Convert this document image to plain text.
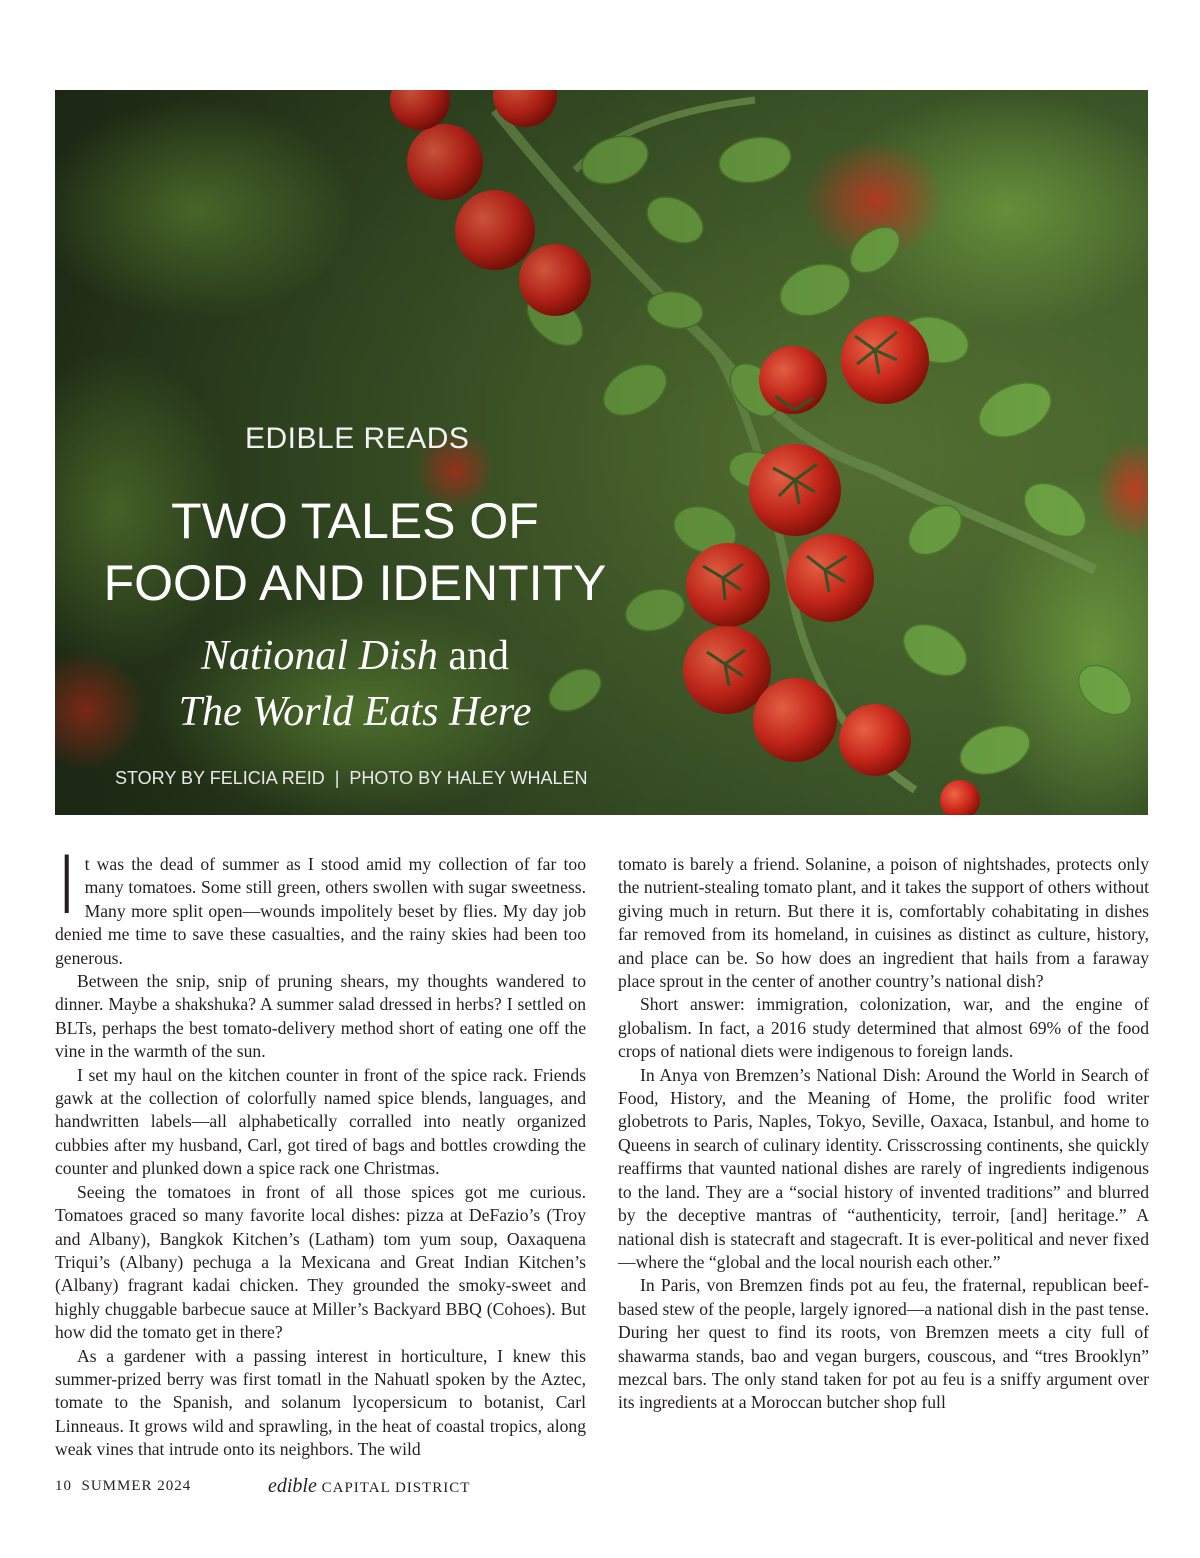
EDIBLE READS
TWO TALES OF
FOOD AND IDENTITY
National Dish and
The World Eats Here
STORY BY FELICIA REID  |  PHOTO BY HALEY WHALEN

It was the dead of summer as I stood amid my collection of far too many tomatoes. Some still green, others swollen with sugar sweetness. Many more split open—wounds impolitely beset by flies. My day job denied me time to save these casualties, and the rainy skies had been too generous.

Between the snip, snip of pruning shears, my thoughts wandered to dinner. Maybe a shakshuka? A summer salad dressed in herbs? I settled on BLTs, perhaps the best tomato-delivery method short of eating one off the vine in the warmth of the sun.

I set my haul on the kitchen counter in front of the spice rack. Friends gawk at the collection of colorfully named spice blends, languages, and handwritten labels—all alphabetically corralled into neatly organized cubbies after my husband, Carl, got tired of bags and bottles crowding the counter and plunked down a spice rack one Christmas.

Seeing the tomatoes in front of all those spices got me curious. Tomatoes graced so many favorite local dishes: pizza at DeFazio’s (Troy and Albany), Bangkok Kitchen’s (Latham) tom yum soup, Oaxaquena Triqui’s (Albany) pechuga a la Mexicana and Great Indian Kitchen’s (Albany) fragrant kadai chicken. They grounded the smoky-sweet and highly chuggable barbecue sauce at Miller’s Backyard BBQ (Cohoes). But how did the tomato get in there?

As a gardener with a passing interest in horticulture, I knew this summer-prized berry was first tomatl in the Nahuatl spoken by the Aztec, tomate to the Spanish, and solanum lycopersicum to botanist, Carl Linneaus. It grows wild and sprawling, in the heat of coastal tropics, along weak vines that intrude onto its neighbors. The wild

tomato is barely a friend. Solanine, a poison of nightshades, protects only the nutrient-stealing tomato plant, and it takes the support of others without giving much in return. But there it is, comfortably cohabitating in dishes far removed from its homeland, in cuisines as distinct as culture, history, and place can be. So how does an ingredient that hails from a faraway place sprout in the center of another country’s national dish?

Short answer: immigration, colonization, war, and the engine of globalism. In fact, a 2016 study determined that almost 69% of the food crops of national diets were indigenous to foreign lands.

In Anya von Bremzen’s National Dish: Around the World in Search of Food, History, and the Meaning of Home, the prolific food writer globetrots to Paris, Naples, Tokyo, Seville, Oaxaca, Istanbul, and home to Queens in search of culinary identity. Crisscrossing continents, she quickly reaffirms that vaunted national dishes are rarely of ingredients indigenous to the land. They are a “social history of invented traditions” and blurred by the deceptive mantras of “authenticity, terroir, [and] heritage.” A national dish is statecraft and stagecraft. It is ever-political and never fixed—where the “global and the local nourish each other.”

In Paris, von Bremzen finds pot au feu, the fraternal, republican beef-based stew of the people, largely ignored—a national dish in the past tense. During her quest to find its roots, von Bremzen meets a city full of shawarma stands, bao and vegan burgers, couscous, and “tres Brooklyn” mezcal bars. The only stand taken for pot au feu is a sniffy argument over its ingredients at a Moroccan butcher shop full

10  SUMMER 2024	edible CAPITAL DISTRICT
